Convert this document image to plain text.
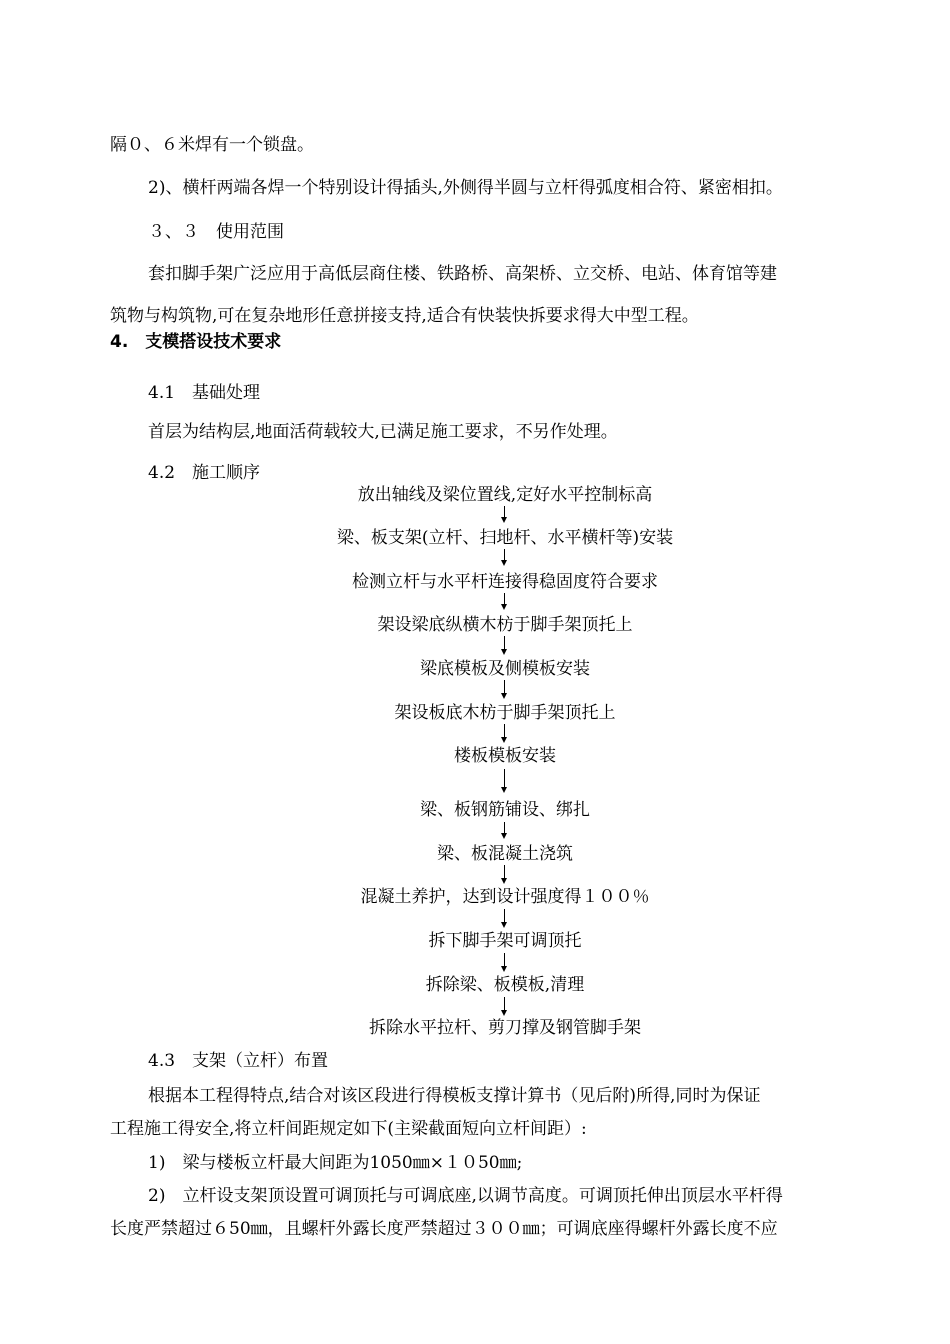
隔０、６米焊有一个锁盘。
2)、横杆两端各焊一个特别设计得插头,外侧得半圆与立杆得弧度相合符、紧密相扣。
３、３　使用范围
套扣脚手架广泛应用于高低层商住楼、铁路桥、高架桥、立交桥、电站、体育馆等建
筑物与构筑物,可在复杂地形任意拼接支持,适合有快装快拆要求得大中型工程。
4.　支模搭设技术要求
4.1　基础处理
首层为结构层,地面活荷载较大,已满足施工要求，不另作处理。
4.2　施工顺序
放出轴线及梁位置线,定好水平控制标高
梁、板支架(立杆、扫地杆、水平横杆等)安装
检测立杆与水平杆连接得稳固度符合要求
架设梁底纵横木枋于脚手架顶托上
梁底模板及侧模板安装
架设板底木枋于脚手架顶托上
楼板模板安装
梁、板钢筋铺设、绑扎
梁、板混凝土浇筑
混凝土养护，达到设计强度得１００％
拆下脚手架可调顶托
拆除梁、板模板,清理
拆除水平拉杆、剪刀撑及钢管脚手架
4.3　支架（立杆）布置
根据本工程得特点,结合对该区段进行得模板支撑计算书（见后附)所得,同时为保证
工程施工得安全,将立杆间距规定如下(主梁截面短向立杆间距）:
1)　梁与楼板立杆最大间距为1050㎜×１０50㎜;
2)　立杆设支架顶设置可调顶托与可调底座,以调节高度。可调顶托伸出顶层水平杆得
长度严禁超过６50㎜，且螺杆外露长度严禁超过３００㎜；可调底座得螺杆外露长度不应
